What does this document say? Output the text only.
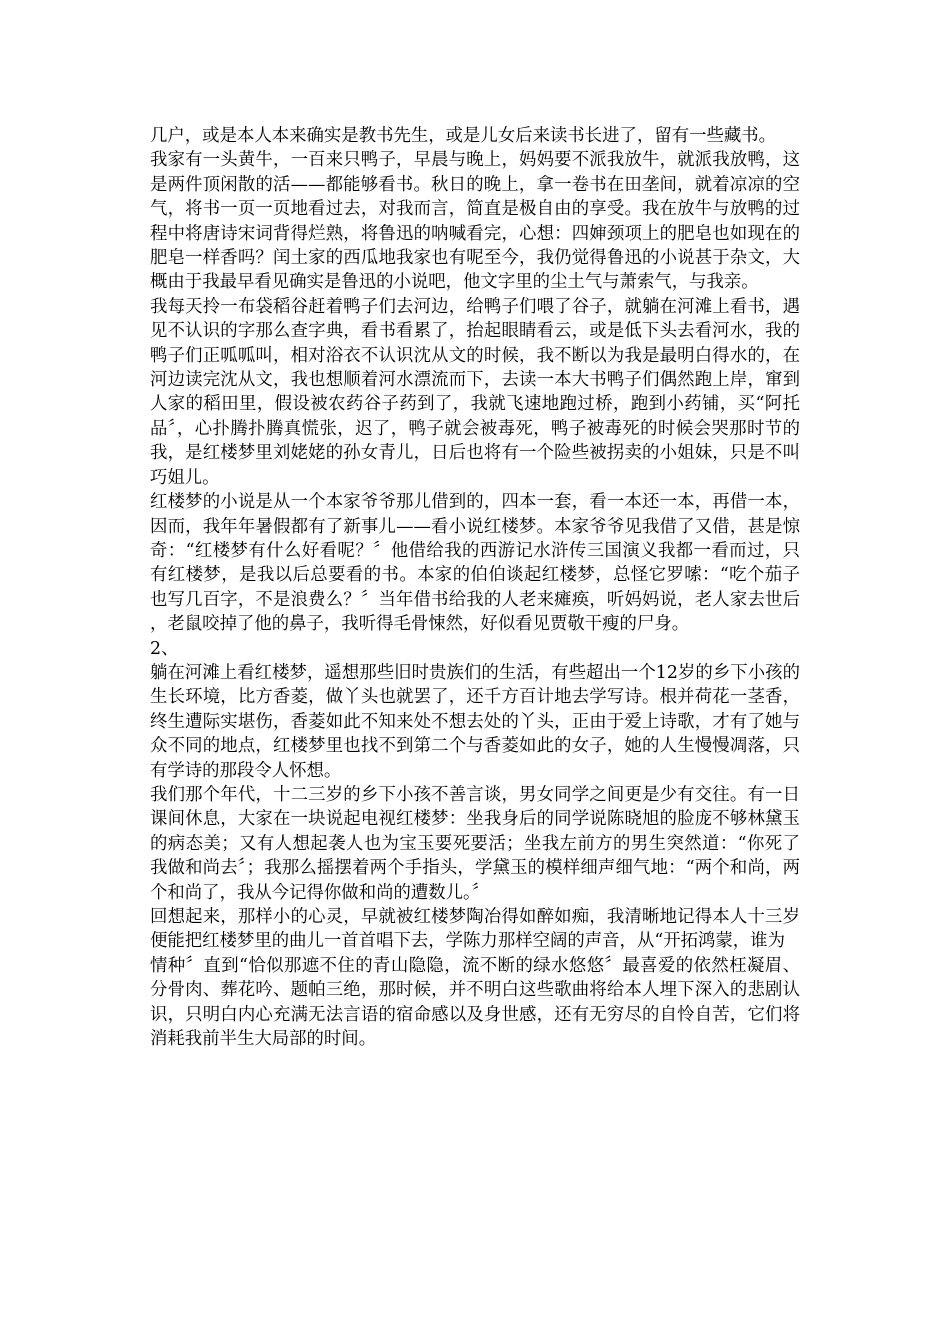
几户，或是本人本来确实是教书先生，或是儿女后来读书长进了，留有一些藏书。

我家有一头黄牛，一百来只鸭子，早晨与晚上，妈妈要不派我放牛，就派我放鸭，这是两件顶闲散的活——都能够看书。秋日的晚上，拿一卷书在田垄间，就着凉凉的空气，将书一页一页地看过去，对我而言，简直是极自由的享受。我在放牛与放鸭的过程中将唐诗宋词背得烂熟，将鲁迅的呐喊看完，心想：四婶颈项上的肥皂也如现在的肥皂一样香吗？闰土家的西瓜地我家也有呢至今，我仍觉得鲁迅的小说甚于杂文，大概由于我最早看见确实是鲁迅的小说吧，他文字里的尘土气与萧索气，与我亲。

我每天拎一布袋稻谷赶着鸭子们去河边，给鸭子们喂了谷子，就躺在河滩上看书，遇见不认识的字那么查字典，看书看累了，抬起眼睛看云，或是低下头去看河水，我的鸭子们正呱呱叫，相对浴衣不认识沈从文的时候，我不断以为我是最明白得水的，在河边读完沈从文，我也想顺着河水漂流而下，去读一本大书鸭子们偶然跑上岸，窜到人家的稻田里，假设被农药谷子药到了，我就飞速地跑过桥，跑到小药铺，买“阿托品〞，心扑腾扑腾真慌张，迟了，鸭子就会被毒死，鸭子被毒死的时候会哭那时节的我，是红楼梦里刘姥姥的孙女青儿，日后也将有一个险些被拐卖的小姐妹，只是不叫巧姐儿。

红楼梦的小说是从一个本家爷爷那儿借到的，四本一套，看一本还一本，再借一本，因而，我年年暑假都有了新事儿——看小说红楼梦。本家爷爷见我借了又借，甚是惊奇：“红楼梦有什么好看呢？〞他借给我的西游记水浒传三国演义我都一看而过，只有红楼梦，是我以后总要看的书。本家的伯伯谈起红楼梦，总怪它罗嗦：“吃个茄子也写几百字，不是浪费么？〞当年借书给我的人老来瘫痪，听妈妈说，老人家去世后，老鼠咬掉了他的鼻子，我听得毛骨悚然，好似看见贾敬干瘦的尸身。

2、

躺在河滩上看红楼梦，遥想那些旧时贵族们的生活，有些超出一个12岁的乡下小孩的生长环境，比方香菱，做丫头也就罢了，还千方百计地去学写诗。根并荷花一茎香，终生遭际实堪伤，香菱如此不知来处不想去处的丫头，正由于爱上诗歌，才有了她与众不同的地点，红楼梦里也找不到第二个与香菱如此的女子，她的人生慢慢凋落，只有学诗的那段令人怀想。

我们那个年代，十二三岁的乡下小孩不善言谈，男女同学之间更是少有交往。有一日课间休息，大家在一块说起电视红楼梦：坐我身后的同学说陈晓旭的脸庞不够林黛玉的病态美；又有人想起袭人也为宝玉要死要活；坐我左前方的男生突然道：“你死了我做和尚去〞；我那么摇摆着两个手指头，学黛玉的模样细声细气地：“两个和尚，两个和尚了，我从今记得你做和尚的遭数儿。〞

回想起来，那样小的心灵，早就被红楼梦陶冶得如醉如痴，我清晰地记得本人十三岁便能把红楼梦里的曲儿一首首唱下去，学陈力那样空阔的声音，从“开拓鸿蒙，谁为

情种〞直到“恰似那遮不住的青山隐隐，流不断的绿水悠悠〞最喜爱的依然枉凝眉、分骨肉、葬花吟、题帕三绝，那时候，并不明白这些歌曲将给本人埋下深入的悲剧认识，只明白内心充满无法言语的宿命感以及身世感，还有无穷尽的自怜自苦，它们将消耗我前半生大局部的时间。
